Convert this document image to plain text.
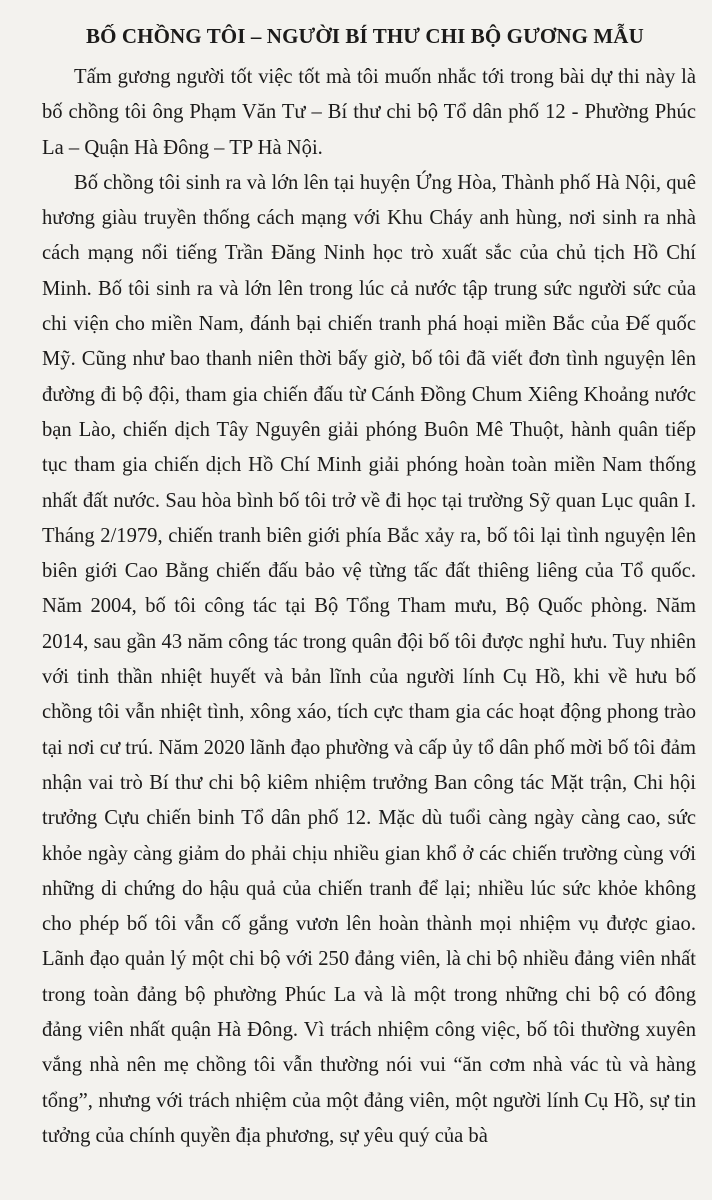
BỐ CHỒNG TÔI – NGƯỜI BÍ THƯ CHI BỘ GƯƠNG MẪU

Tấm gương người tốt việc tốt mà tôi muốn nhắc tới trong bài dự thi này là bố chồng tôi ông Phạm Văn Tư – Bí thư chi bộ Tổ dân phố 12 - Phường Phúc La – Quận Hà Đông – TP Hà Nội.

Bố chồng tôi sinh ra và lớn lên tại huyện Ứng Hòa, Thành phố Hà Nội, quê hương giàu truyền thống cách mạng với Khu Cháy anh hùng, nơi sinh ra nhà cách mạng nổi tiếng Trần Đăng Ninh học trò xuất sắc của chủ tịch Hồ Chí Minh. Bố tôi sinh ra và lớn lên trong lúc cả nước tập trung sức người sức của chi viện cho miền Nam, đánh bại chiến tranh phá hoại miền Bắc của Đế quốc Mỹ. Cũng như bao thanh niên thời bấy giờ, bố tôi đã viết đơn tình nguyện lên đường đi bộ đội, tham gia chiến đấu từ Cánh Đồng Chum Xiêng Khoảng nước bạn Lào, chiến dịch Tây Nguyên giải phóng Buôn Mê Thuột, hành quân tiếp tục tham gia chiến dịch Hồ Chí Minh giải phóng hoàn toàn miền Nam thống nhất đất nước. Sau hòa bình bố tôi trở về đi học tại trường Sỹ quan Lục quân I. Tháng 2/1979, chiến tranh biên giới phía Bắc xảy ra, bố tôi lại tình nguyện lên biên giới Cao Bằng chiến đấu bảo vệ từng tấc đất thiêng liêng của Tổ quốc. Năm 2004, bố tôi công tác tại Bộ Tổng Tham mưu, Bộ Quốc phòng. Năm 2014, sau gần 43 năm công tác trong quân đội bố tôi được nghỉ hưu. Tuy nhiên với tinh thần nhiệt huyết và bản lĩnh của người lính Cụ Hồ, khi về hưu bố chồng tôi vẫn nhiệt tình, xông xáo, tích cực tham gia các hoạt động phong trào tại nơi cư trú. Năm 2020 lãnh đạo phường và cấp ủy tổ dân phố mời bố tôi đảm nhận vai trò Bí thư chi bộ kiêm nhiệm trưởng Ban công tác Mặt trận, Chi hội trưởng Cựu chiến binh Tổ dân phố 12. Mặc dù tuổi càng ngày càng cao, sức khỏe ngày càng giảm do phải chịu nhiều gian khổ ở các chiến trường cùng với những di chứng do hậu quả của chiến tranh để lại; nhiều lúc sức khỏe không cho phép bố tôi vẫn cố gắng vươn lên hoàn thành mọi nhiệm vụ được giao. Lãnh đạo quản lý một chi bộ với 250 đảng viên, là chi bộ nhiều đảng viên nhất trong toàn đảng bộ phường Phúc La và là một trong những chi bộ có đông đảng viên nhất quận Hà Đông. Vì trách nhiệm công việc, bố tôi thường xuyên vắng nhà nên mẹ chồng tôi vẫn thường nói vui “ăn cơm nhà vác tù và hàng tổng”, nhưng với trách nhiệm của một đảng viên, một người lính Cụ Hồ, sự tin tưởng của chính quyền địa phương, sự yêu quý của bà
